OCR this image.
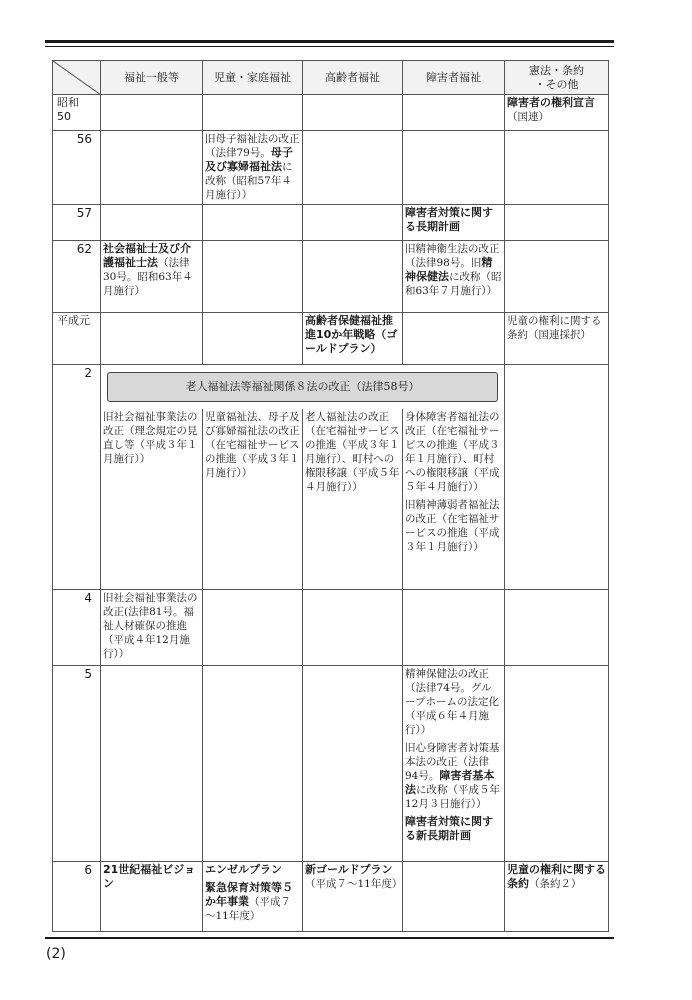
	福祉一般等	児童・家庭福祉	高齢者福祉	障害者福祉	憲法・条約
・その他
昭和50					障害者の権利宣言（国連）
56		旧母子福祉法の改正（法律79号。母子及び寡婦福祉法に改称（昭和57年４月施行））			
57				障害者対策に関する長期計画	
62	社会福祉士及び介護福祉士法（法律30号。昭和63年４月施行）			旧精神衛生法の改正（法律98号。旧精神保健法に改称（昭和63年７月施行））	
平成元			高齢者保健福祉推進10か年戦略（ゴールドプラン）		児童の権利に関する条約（国連採択）
2	老人福祉法等福祉関係８法の改正（法律58号）				

	旧社会福祉事業法の改正（理念規定の見直し等（平成３年１月施行））	児童福祉法、母子及び寡婦福祉法の改正（在宅福祉サービスの推進（平成３年１月施行））	老人福祉法の改正（在宅福祉サービスの推進（平成３年１月施行）、町村への権限移譲（平成５年４月施行））	身体障害者福祉法の改正（在宅福祉サービスの推進（平成３年１月施行）、町村への権限移譲（平成５年４月施行））
旧精神薄弱者福祉法の改正（在宅福祉サービスの推進（平成３年１月施行））	

4	旧社会福祉事業法の改正(法律81号。福祉人材確保の推進（平成４年12月施行））				
5				精神保健法の改正（法律74号。グループホームの法定化（平成６年４月施行））
旧心身障害者対策基本法の改正（法律94号。障害者基本法に改称（平成５年12月３日施行））
障害者対策に関する新長期計画	

6	21世紀福祉ビジョン	エンゼルプラン
緊急保育対策等５か年事業（平成７～11年度）	新ゴールドプラン（平成７～11年度）		児童の権利に関する条約（条約２）
(2)
